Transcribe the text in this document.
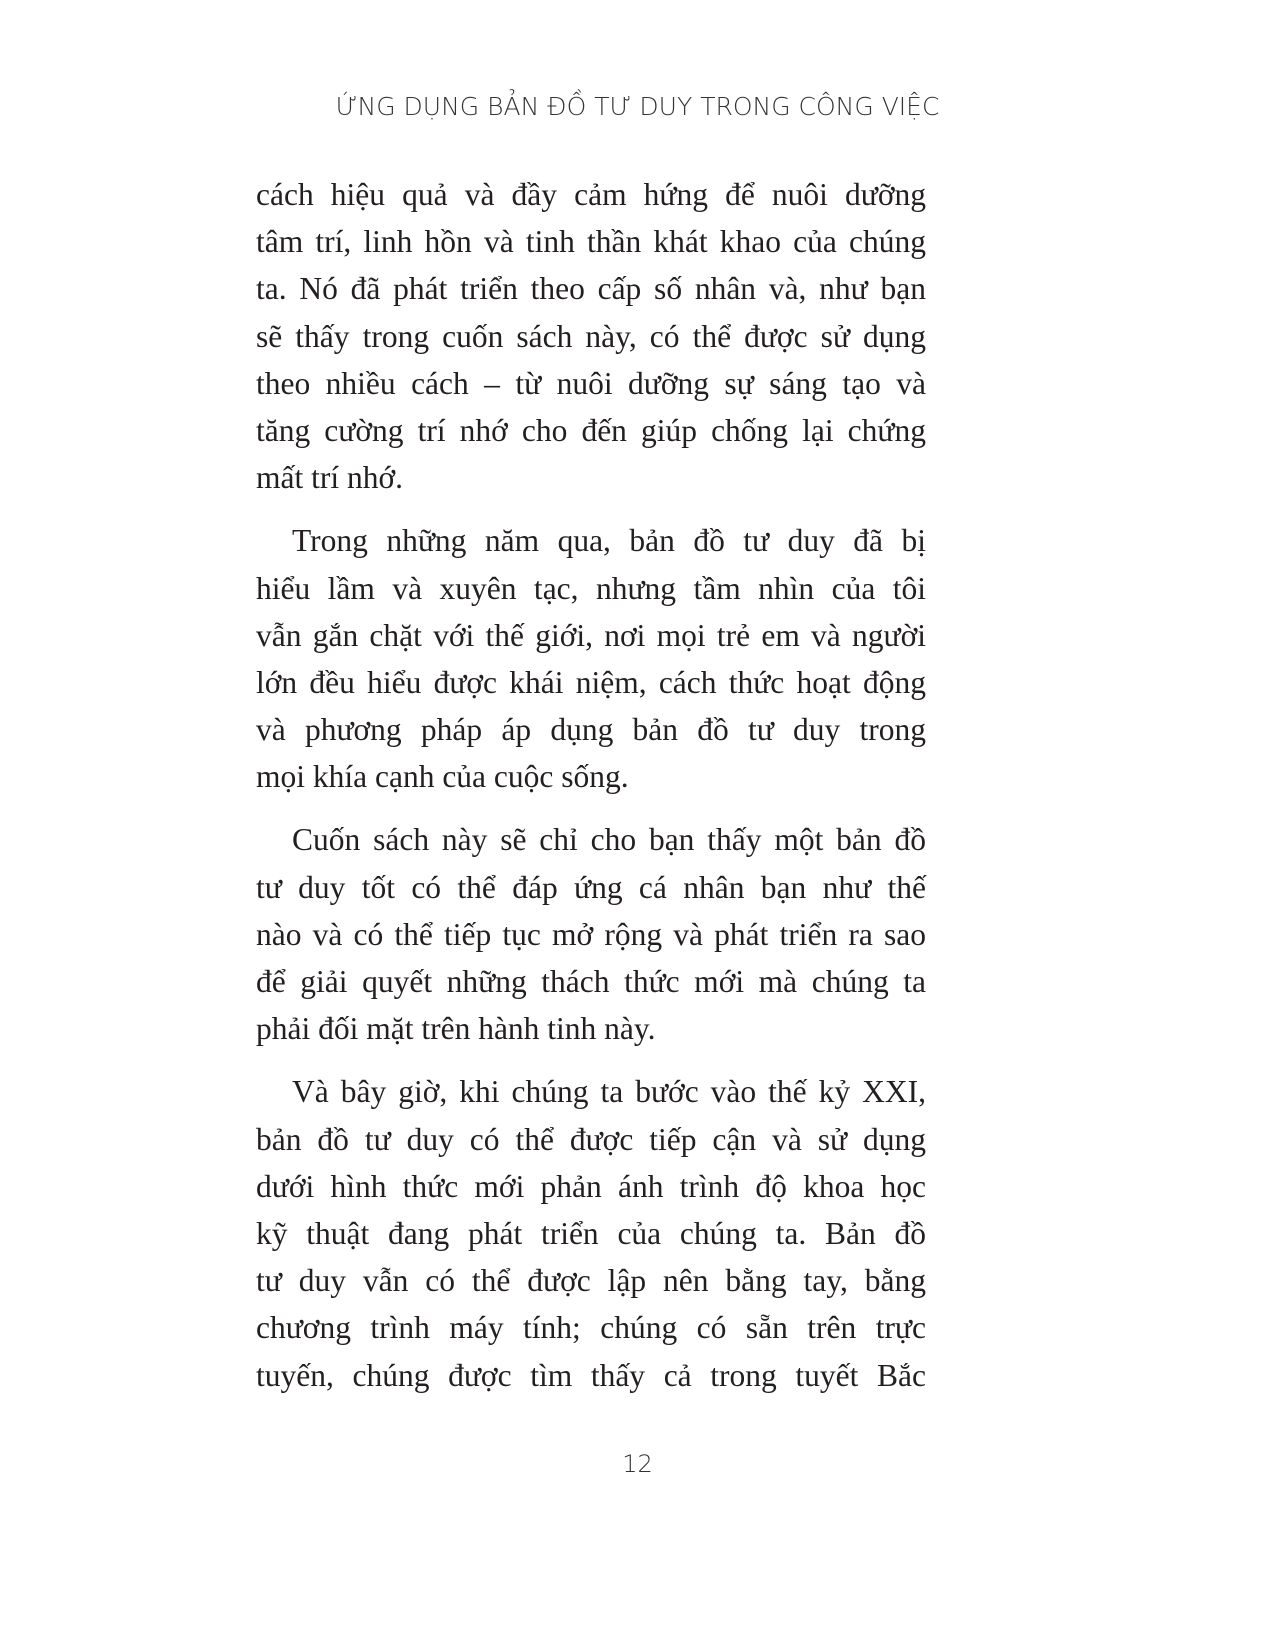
ỨNG DỤNG BẢN ĐỒ TƯ DUY TRONG CÔNG VIỆC
cách hiệu quả và đầy cảm hứng để nuôi dưỡng
tâm trí, linh hồn và tinh thần khát khao của chúng
ta. Nó đã phát triển theo cấp số nhân và, như bạn
sẽ thấy trong cuốn sách này, có thể được sử dụng
theo nhiều cách – từ nuôi dưỡng sự sáng tạo và
tăng cường trí nhớ cho đến giúp chống lại chứng
mất trí nhớ.
Trong những năm qua, bản đồ tư duy đã bị
hiểu lầm và xuyên tạc, nhưng tầm nhìn của tôi
vẫn gắn chặt với thế giới, nơi mọi trẻ em và người
lớn đều hiểu được khái niệm, cách thức hoạt động
và phương pháp áp dụng bản đồ tư duy trong
mọi khía cạnh của cuộc sống.
Cuốn sách này sẽ chỉ cho bạn thấy một bản đồ
tư duy tốt có thể đáp ứng cá nhân bạn như thế
nào và có thể tiếp tục mở rộng và phát triển ra sao
để giải quyết những thách thức mới mà chúng ta
phải đối mặt trên hành tinh này.
Và bây giờ, khi chúng ta bước vào thế kỷ XXI,
bản đồ tư duy có thể được tiếp cận và sử dụng
dưới hình thức mới phản ánh trình độ khoa học
kỹ thuật đang phát triển của chúng ta. Bản đồ
tư duy vẫn có thể được lập nên bằng tay, bằng
chương trình máy tính; chúng có sẵn trên trực
tuyến, chúng được tìm thấy cả trong tuyết Bắc
12
